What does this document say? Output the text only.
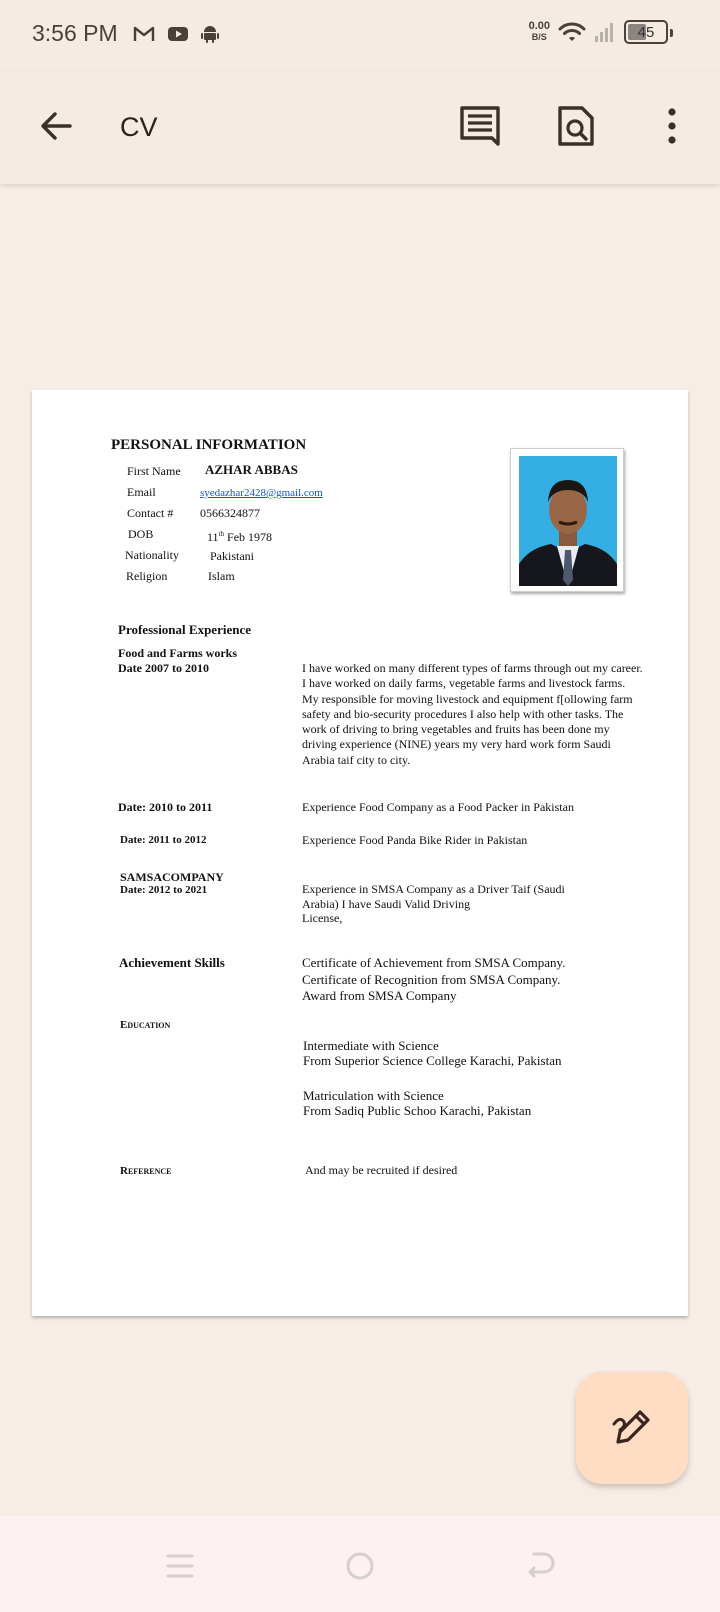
3:56 PM	0.00
B/S	45
CV
PERSONAL INFORMATION
First Name AZHAR ABBAS
Email	syedazhar2428@gmail.com
Contact # 0566324877
DOB	11th Feb 1978
Nationality	Pakistani
Religion	Islam
Professional Experience
Food and Farms works
Date 2007 to 2010	I have worked on many different types of farms through out my career. I have worked on daily farms, vegetable farms and livestock farms. My responsible for moving livestock and equipment f[ollowing farm safety and bio-security procedures I also help with other tasks. The work of driving to bring vegetables and fruits has been done my driving experience (NINE) years my very hard work form Saudi Arabia taif city to city.
Date: 2010 to 2011	Experience Food Company as a Food Packer in Pakistan
Date: 2011 to 2012	Experience Food Panda Bike Rider in Pakistan
SAMSACOMPANY
Date: 2012 to 2021	Experience in SMSA Company as a Driver Taif (Saudi
Arabia) I have Saudi Valid Driving
License,
Achievement Skills	Certificate of Achievement from SMSA Company.
Certificate of Recognition from SMSA Company.
Award from SMSA Company
Education
Intermediate with Science
From Superior Science College Karachi, Pakistan
Matriculation with Science
From Sadiq Public Schoo Karachi, Pakistan
Reference	And may be recruited if desired
